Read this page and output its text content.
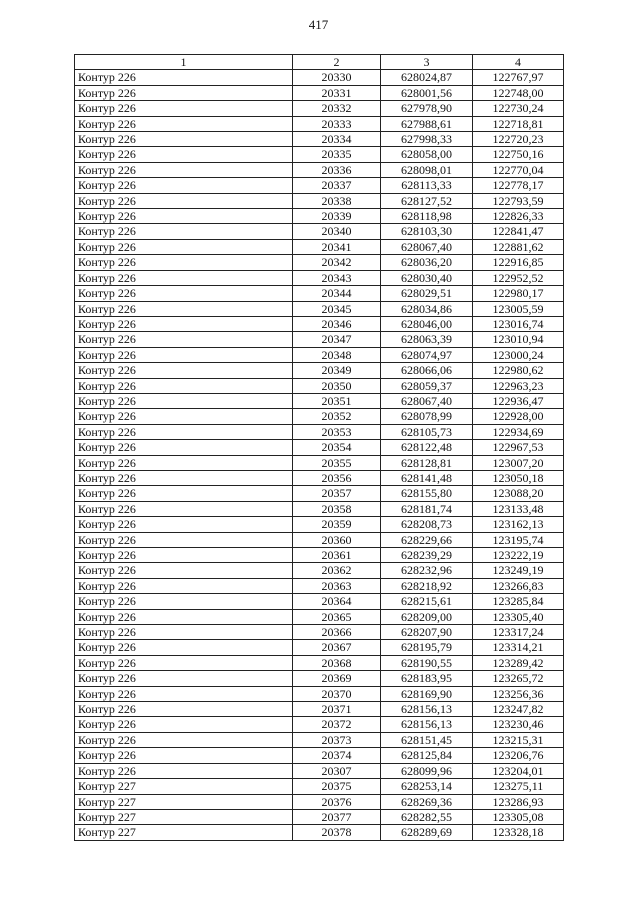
417
1	2	3	4
Контур 226	20330	628024,87	122767,97
Контур 226	20331	628001,56	122748,00
Контур 226	20332	627978,90	122730,24
Контур 226	20333	627988,61	122718,81
Контур 226	20334	627998,33	122720,23
Контур 226	20335	628058,00	122750,16
Контур 226	20336	628098,01	122770,04
Контур 226	20337	628113,33	122778,17
Контур 226	20338	628127,52	122793,59
Контур 226	20339	628118,98	122826,33
Контур 226	20340	628103,30	122841,47
Контур 226	20341	628067,40	122881,62
Контур 226	20342	628036,20	122916,85
Контур 226	20343	628030,40	122952,52
Контур 226	20344	628029,51	122980,17
Контур 226	20345	628034,86	123005,59
Контур 226	20346	628046,00	123016,74
Контур 226	20347	628063,39	123010,94
Контур 226	20348	628074,97	123000,24
Контур 226	20349	628066,06	122980,62
Контур 226	20350	628059,37	122963,23
Контур 226	20351	628067,40	122936,47
Контур 226	20352	628078,99	122928,00
Контур 226	20353	628105,73	122934,69
Контур 226	20354	628122,48	122967,53
Контур 226	20355	628128,81	123007,20
Контур 226	20356	628141,48	123050,18
Контур 226	20357	628155,80	123088,20
Контур 226	20358	628181,74	123133,48
Контур 226	20359	628208,73	123162,13
Контур 226	20360	628229,66	123195,74
Контур 226	20361	628239,29	123222,19
Контур 226	20362	628232,96	123249,19
Контур 226	20363	628218,92	123266,83
Контур 226	20364	628215,61	123285,84
Контур 226	20365	628209,00	123305,40
Контур 226	20366	628207,90	123317,24
Контур 226	20367	628195,79	123314,21
Контур 226	20368	628190,55	123289,42
Контур 226	20369	628183,95	123265,72
Контур 226	20370	628169,90	123256,36
Контур 226	20371	628156,13	123247,82
Контур 226	20372	628156,13	123230,46
Контур 226	20373	628151,45	123215,31
Контур 226	20374	628125,84	123206,76
Контур 226	20307	628099,96	123204,01
Контур 227	20375	628253,14	123275,11
Контур 227	20376	628269,36	123286,93
Контур 227	20377	628282,55	123305,08
Контур 227	20378	628289,69	123328,18
